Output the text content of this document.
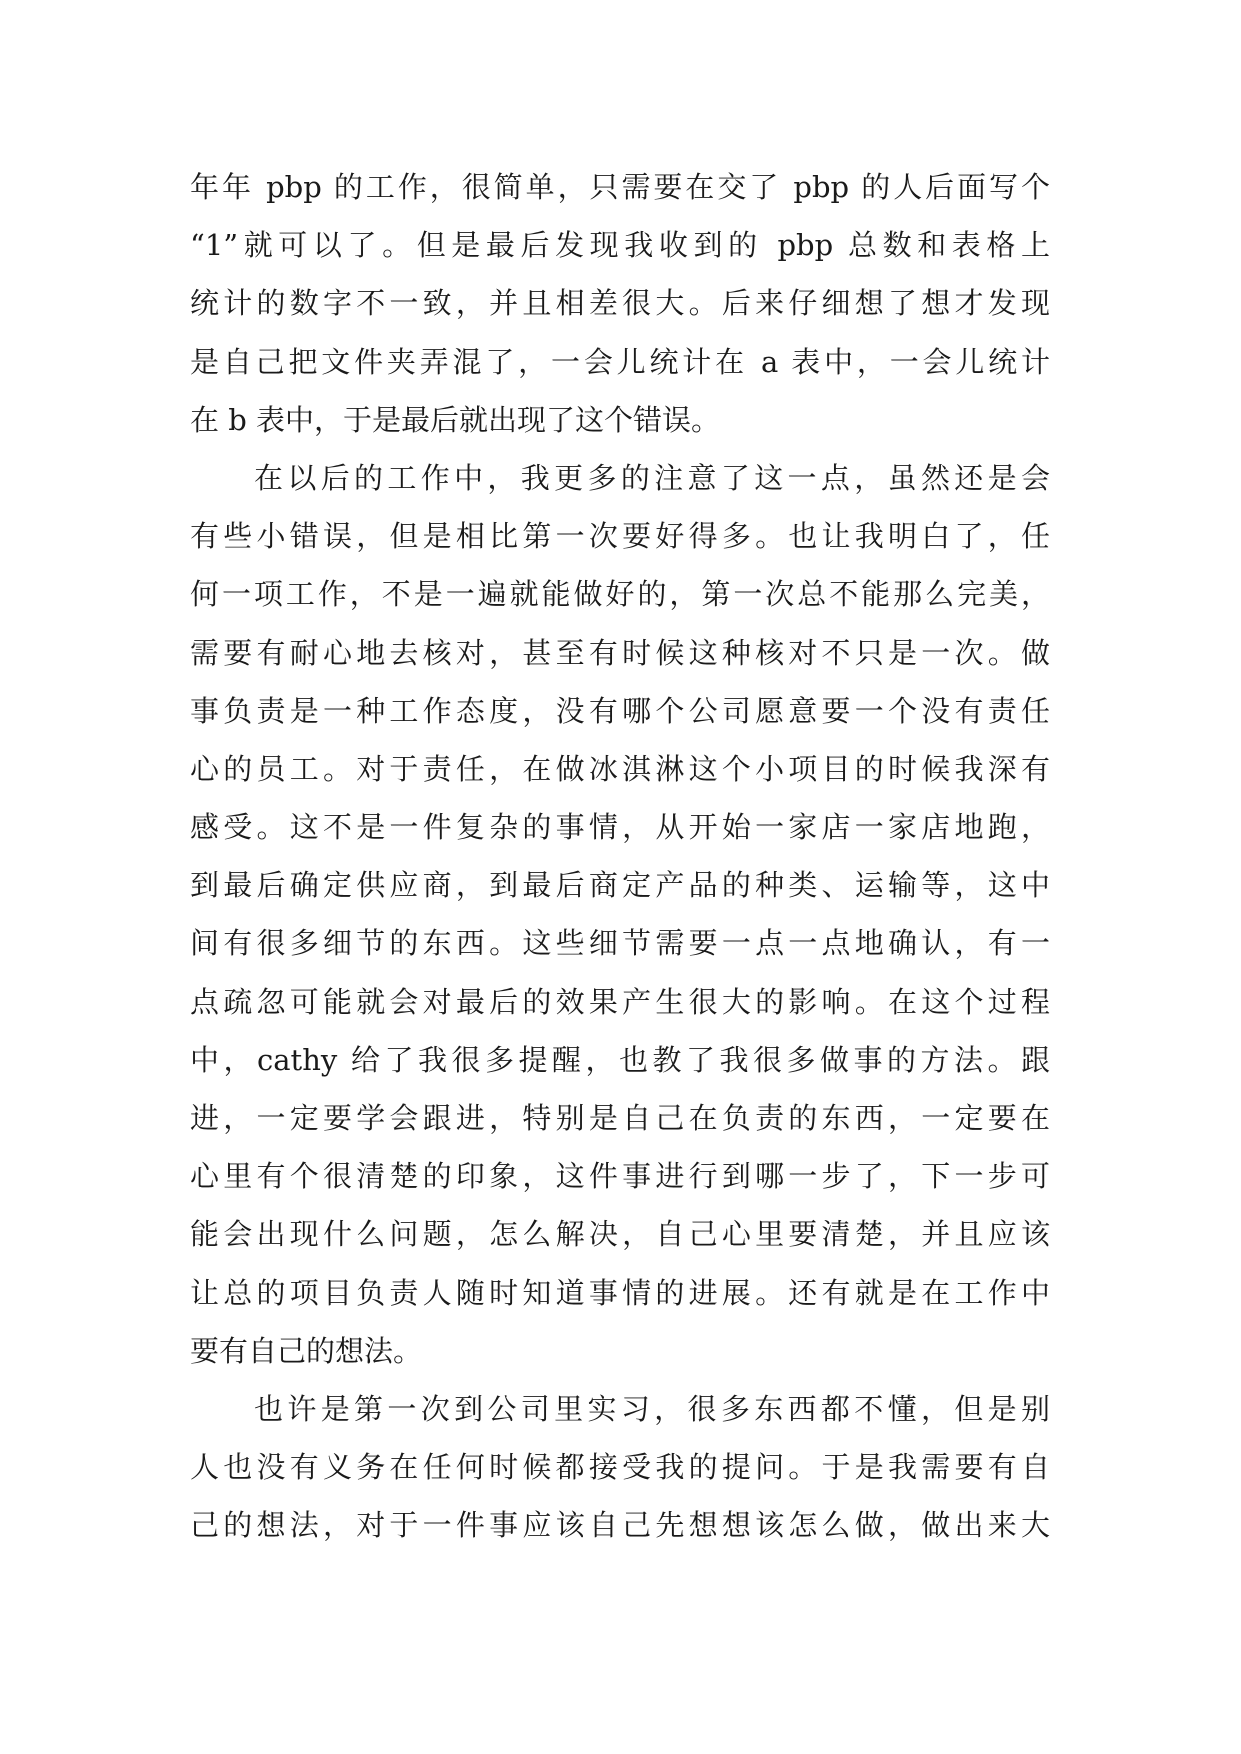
年年 pbp 的工作，很简单，只需要在交了 pbp 的人后面写个
“1”就可以了。但是最后发现我收到的 pbp 总数和表格上
统计的数字不一致，并且相差很大。后来仔细想了想才发现
是自己把文件夹弄混了，一会儿统计在 a 表中，一会儿统计
在 b 表中，于是最后就出现了这个错误。
在以后的工作中，我更多的注意了这一点，虽然还是会
有些小错误，但是相比第一次要好得多。也让我明白了，任
何一项工作，不是一遍就能做好的，第一次总不能那么完美，
需要有耐心地去核对，甚至有时候这种核对不只是一次。做
事负责是一种工作态度，没有哪个公司愿意要一个没有责任
心的员工。对于责任，在做冰淇淋这个小项目的时候我深有
感受。这不是一件复杂的事情，从开始一家店一家店地跑，
到最后确定供应商，到最后商定产品的种类、运输等，这中
间有很多细节的东西。这些细节需要一点一点地确认，有一
点疏忽可能就会对最后的效果产生很大的影响。在这个过程
中，cathy 给了我很多提醒，也教了我很多做事的方法。跟
进，一定要学会跟进，特别是自己在负责的东西，一定要在
心里有个很清楚的印象，这件事进行到哪一步了，下一步可
能会出现什么问题，怎么解决，自己心里要清楚，并且应该
让总的项目负责人随时知道事情的进展。还有就是在工作中
要有自己的想法。
也许是第一次到公司里实习，很多东西都不懂，但是别
人也没有义务在任何时候都接受我的提问。于是我需要有自
己的想法，对于一件事应该自己先想想该怎么做，做出来大
